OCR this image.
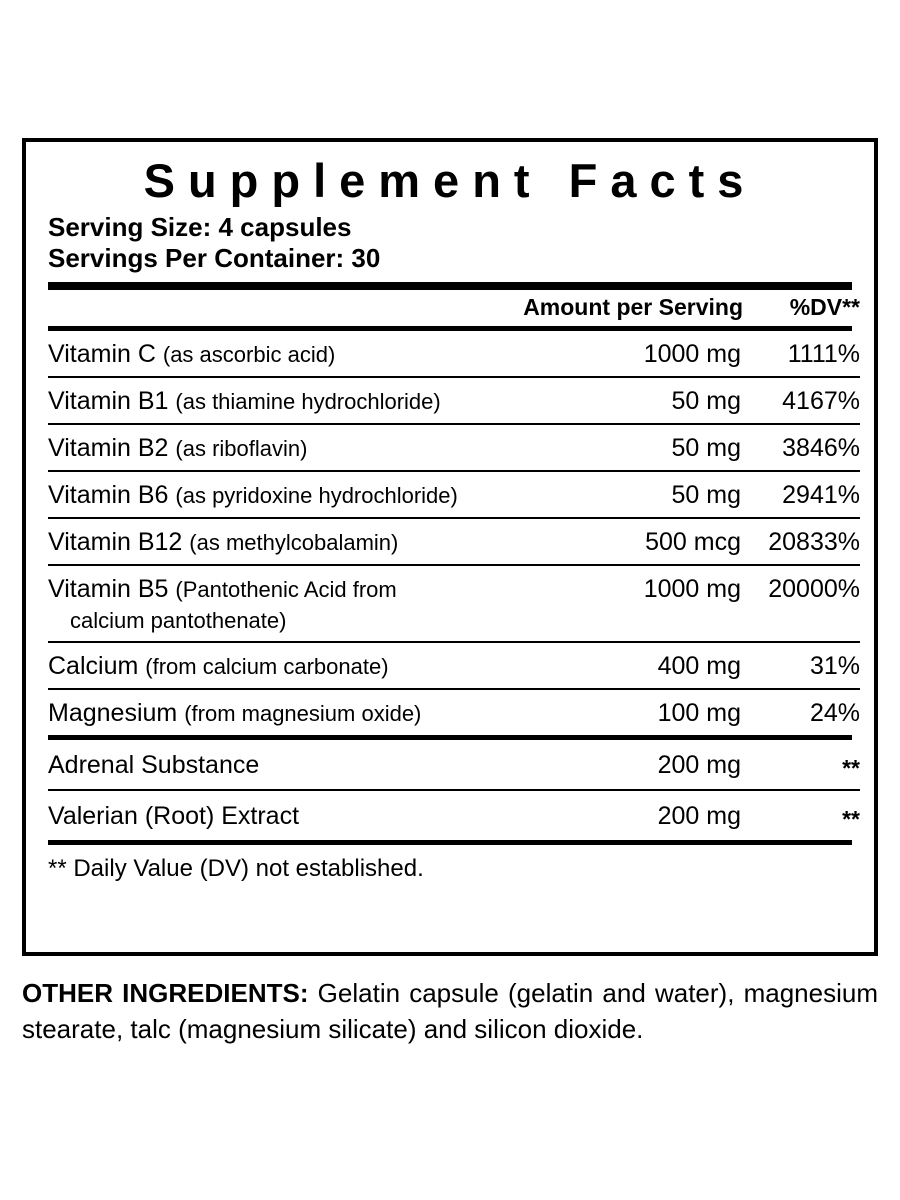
Supplement Facts
Serving Size: 4 capsules
Servings Per Container: 30
	Amount per Serving	%DV**
Vitamin C (as ascorbic acid)	1000 mg	1111%
Vitamin B1 (as thiamine hydrochloride)	50 mg	4167%
Vitamin B2 (as riboflavin)	50 mg	3846%
Vitamin B6 (as pyridoxine hydrochloride)	50 mg	2941%
Vitamin B12 (as methylcobalamin)	500 mcg	20833%
Vitamin B5 (Pantothenic Acid from
calcium pantothenate)	1000 mg	20000%
Calcium (from calcium carbonate)	400 mg	31%
Magnesium (from magnesium oxide)	100 mg	24%
Adrenal Substance	200 mg	**
Valerian (Root) Extract	200 mg	**
** Daily Value (DV) not established.
OTHER INGREDIENTS: Gelatin capsule (gelatin and water), magnesium stearate, talc (magnesium silicate) and silicon dioxide.
